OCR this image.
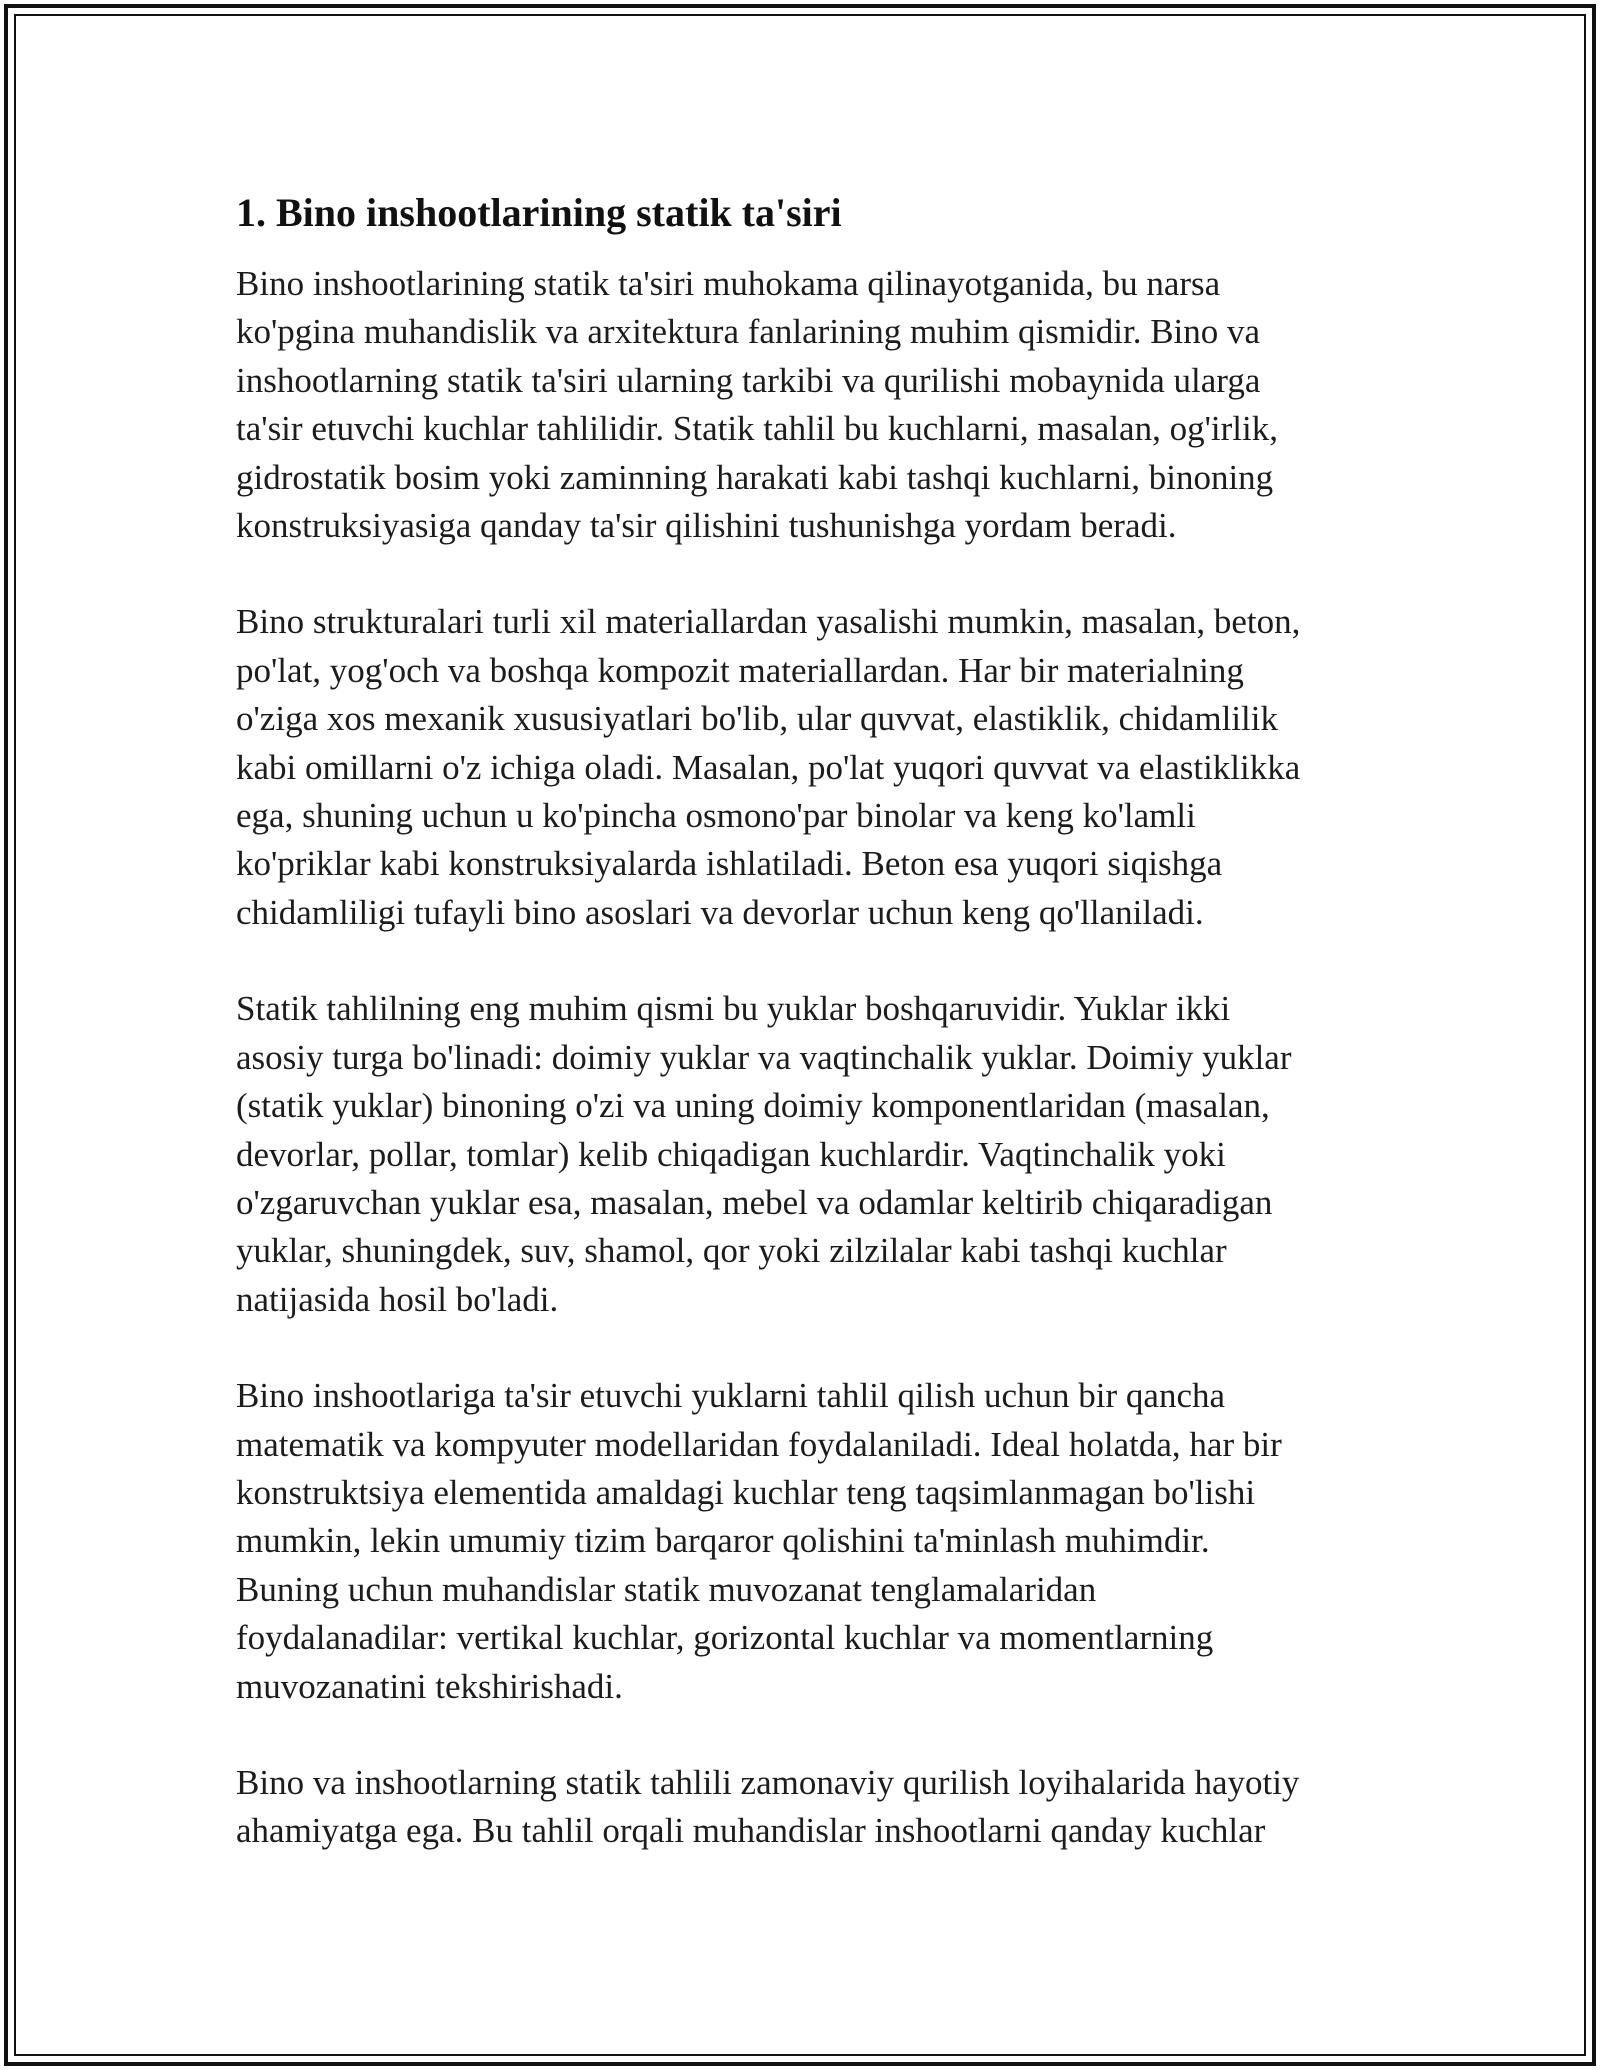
1. Bino inshootlarining statik ta'siri

Bino inshootlarining statik ta'siri muhokama qilinayotganida, bu narsa
ko'pgina muhandislik va arxitektura fanlarining muhim qismidir. Bino va
inshootlarning statik ta'siri ularning tarkibi va qurilishi mobaynida ularga
ta'sir etuvchi kuchlar tahlilidir. Statik tahlil bu kuchlarni, masalan, og'irlik,
gidrostatik bosim yoki zaminning harakati kabi tashqi kuchlarni, binoning
konstruksiyasiga qanday ta'sir qilishini tushunishga yordam beradi.

Bino strukturalari turli xil materiallardan yasalishi mumkin, masalan, beton,
po'lat, yog'och va boshqa kompozit materiallardan. Har bir materialning
o'ziga xos mexanik xususiyatlari bo'lib, ular quvvat, elastiklik, chidamlilik
kabi omillarni o'z ichiga oladi. Masalan, po'lat yuqori quvvat va elastiklikka
ega, shuning uchun u ko'pincha osmono'par binolar va keng ko'lamli
ko'priklar kabi konstruksiyalarda ishlatiladi. Beton esa yuqori siqishga
chidamliligi tufayli bino asoslari va devorlar uchun keng qo'llaniladi.

Statik tahlilning eng muhim qismi bu yuklar boshqaruvidir. Yuklar ikki
asosiy turga bo'linadi: doimiy yuklar va vaqtinchalik yuklar. Doimiy yuklar
(statik yuklar) binoning o'zi va uning doimiy komponentlaridan (masalan,
devorlar, pollar, tomlar) kelib chiqadigan kuchlardir. Vaqtinchalik yoki
o'zgaruvchan yuklar esa, masalan, mebel va odamlar keltirib chiqaradigan
yuklar, shuningdek, suv, shamol, qor yoki zilzilalar kabi tashqi kuchlar
natijasida hosil bo'ladi.

Bino inshootlariga ta'sir etuvchi yuklarni tahlil qilish uchun bir qancha
matematik va kompyuter modellaridan foydalaniladi. Ideal holatda, har bir
konstruktsiya elementida amaldagi kuchlar teng taqsimlanmagan bo'lishi
mumkin, lekin umumiy tizim barqaror qolishini ta'minlash muhimdir.
Buning uchun muhandislar statik muvozanat tenglamalaridan
foydalanadilar: vertikal kuchlar, gorizontal kuchlar va momentlarning
muvozanatini tekshirishadi.

Bino va inshootlarning statik tahlili zamonaviy qurilish loyihalarida hayotiy
ahamiyatga ega. Bu tahlil orqali muhandislar inshootlarni qanday kuchlar
